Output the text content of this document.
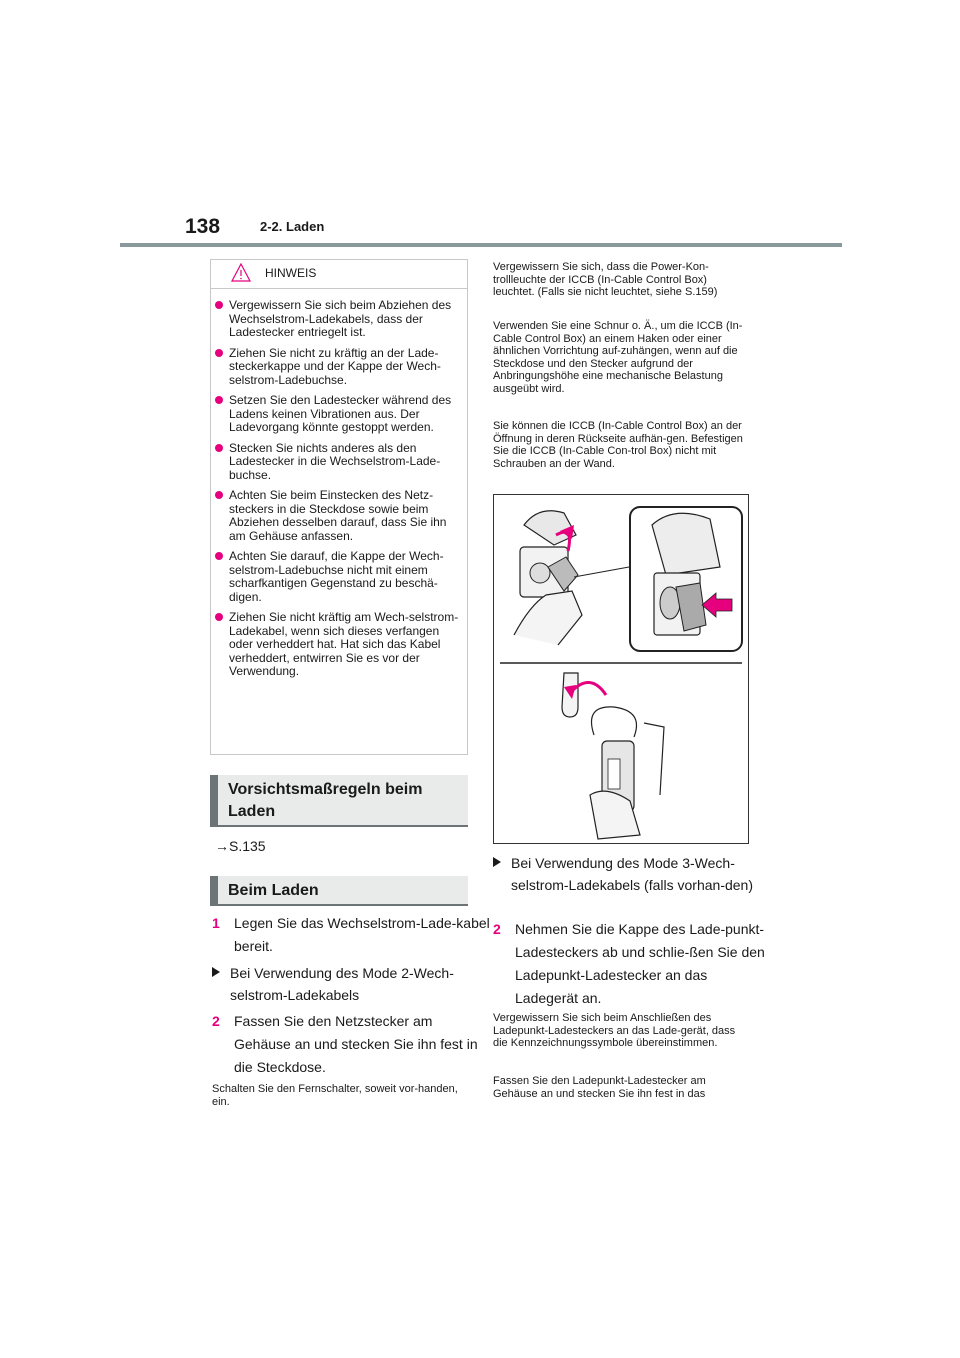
138	2-2. Laden
HINWEIS
Vergewissern Sie sich beim Abziehen des Wechselstrom-Ladekabels, dass der Ladestecker entriegelt ist.
Ziehen Sie nicht zu kräftig an der Lade-steckerkappe und der Kappe der Wech-selstrom-Ladebuchse.
Setzen Sie den Ladestecker während des Ladens keinen Vibrationen aus. Der Ladevorgang könnte gestoppt werden.
Stecken Sie nichts anderes als den Ladestecker in die Wechselstrom-Lade-buchse.
Achten Sie beim Einstecken des Netz-steckers in die Steckdose sowie beim Abziehen desselben darauf, dass Sie ihn am Gehäuse anfassen.
Achten Sie darauf, die Kappe der Wech-selstrom-Ladebuchse nicht mit einem scharfkantigen Gegenstand zu beschä-digen.
Ziehen Sie nicht kräftig am Wech-selstrom-Ladekabel, wenn sich dieses verfangen oder verheddert hat. Hat sich das Kabel verheddert, entwirren Sie es vor der Verwendung.
Vorsichtsmaßregeln beim Laden
→S.135
Beim Laden
1 Legen Sie das Wechselstrom-Lade-kabel bereit.
Bei Verwendung des Mode 2-Wech-selstrom-Ladekabels
2 Fassen Sie den Netzstecker am Gehäuse an und stecken Sie ihn fest in die Steckdose.
Schalten Sie den Fernschalter, soweit vor-handen, ein.
Vergewissern Sie sich, dass die Power-Kon-trollleuchte der ICCB (In-Cable Control Box) leuchtet. (Falls sie nicht leuchtet, siehe S.159)
Verwenden Sie eine Schnur o. Ä., um die ICCB (In-Cable Control Box) an einem Haken oder einer ähnlichen Vorrichtung auf-zuhängen, wenn auf die Steckdose und den Stecker aufgrund der Anbringungshöhe eine mechanische Belastung ausgeübt wird.
Sie können die ICCB (In-Cable Control Box) an der Öffnung in deren Rückseite aufhän-gen. Befestigen Sie die ICCB (In-Cable Con-trol Box) nicht mit Schrauben an der Wand.
Bei Verwendung des Mode 3-Wech-selstrom-Ladekabels (falls vorhan-den)
2 Nehmen Sie die Kappe des Lade-punkt-Ladesteckers ab und schlie-ßen Sie den Ladepunkt-Ladestecker an das Ladegerät an.
Vergewissern Sie sich beim Anschließen des Ladepunkt-Ladesteckers an das Lade-gerät, dass die Kennzeichnungssymbole übereinstimmen.
Fassen Sie den Ladepunkt-Ladestecker am Gehäuse an und stecken Sie ihn fest in das
